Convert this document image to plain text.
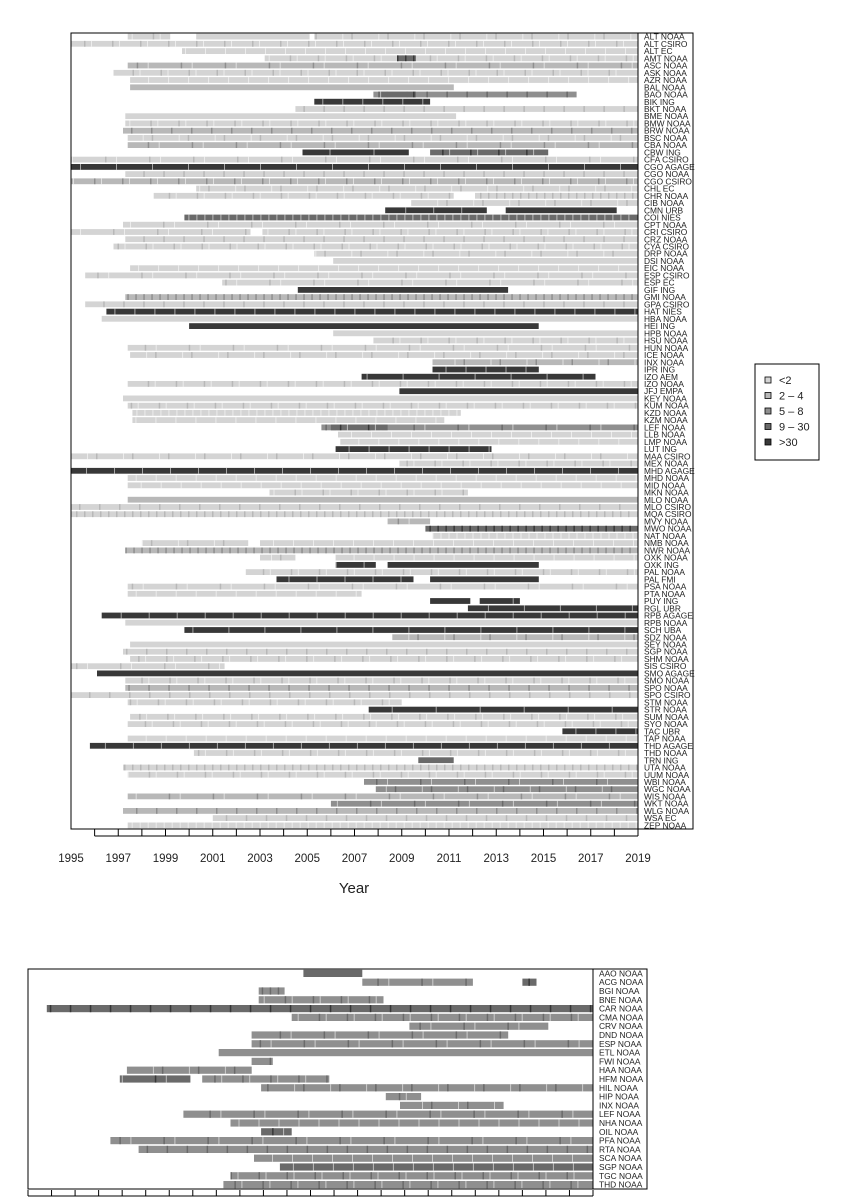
ALT NOAA
ALT CSIRO
ALT EC
AMT NOAA
ASC NOAA
ASK NOAA
AZR NOAA
BAL NOAA
BAO NOAA
BIK ING
BKT NOAA
BME NOAA
BMW NOAA
BRW NOAA
BSC NOAA
CBA NOAA
CBW ING
CFA CSIRO
CGO AGAGE
CGO NOAA
CGO CSIRO
CHL EC
CHR NOAA
CIB NOAA
CMN URB
COI NIES
CPT NOAA
CRI CSIRO
CRZ NOAA
CYA CSIRO
DRP NOAA
DSI NOAA
EIC NOAA
ESP CSIRO
ESP EC
GIF ING
GMI NOAA
GPA CSIRO
HAT NIES
HBA NOAA
HEI ING
HPB NOAA
HSU NOAA
HUN NOAA
ICE NOAA
INX NOAA
IPR ING
IZO AEM
IZO NOAA
JFJ EMPA
KEY NOAA
KUM NOAA
KZD NOAA
KZM NOAA
LEF NOAA
LLB NOAA
LMP NOAA
LUT ING
MAA CSIRO
MEX NOAA
MHD AGAGE
MHD NOAA
MID NOAA
MKN NOAA
MLO NOAA
MLO CSIRO
MQA CSIRO
MVY NOAA
MWO NOAA
NAT NOAA
NMB NOAA
NWR NOAA
OXK NOAA
OXK ING
PAL NOAA
PAL FMI
PSA NOAA
PTA NOAA
PUY ING
RGL UBR
RPB AGAGE
RPB NOAA
SCH UBA
SDZ NOAA
SEY NOAA
SGP NOAA
SHM NOAA
SIS CSIRO
SMO AGAGE
SMO NOAA
SPO NOAA
SPO CSIRO
STM NOAA
STR NOAA
SUM NOAA
SYO NOAA
TAC UBR
TAP NOAA
THD AGAGE
THD NOAA
TRN ING
UTA NOAA
UUM NOAA
WBI NOAA
WGC NOAA
WIS NOAA
WKT NOAA
WLG NOAA
WSA EC
ZEP NOAA
1995 1997 1999 2001 2003 2005 2007 2009 2011 2013 2015 2017 2019
AAO NOAA
ACG NOAA
BGI NOAA
BNE NOAA
CAR NOAA
CMA NOAA
CRV NOAA
DND NOAA
ESP NOAA
ETL NOAA
FWI NOAA
HAA NOAA
HFM NOAA
HIL NOAA
HIP NOAA
INX NOAA
LEF NOAA
NHA NOAA
OIL NOAA
PFA NOAA
RTA NOAA
SCA NOAA
SGP NOAA
TGC NOAA
THD NOAA
<2
2 – 4
5 – 8
9 – 30
>30
Year
